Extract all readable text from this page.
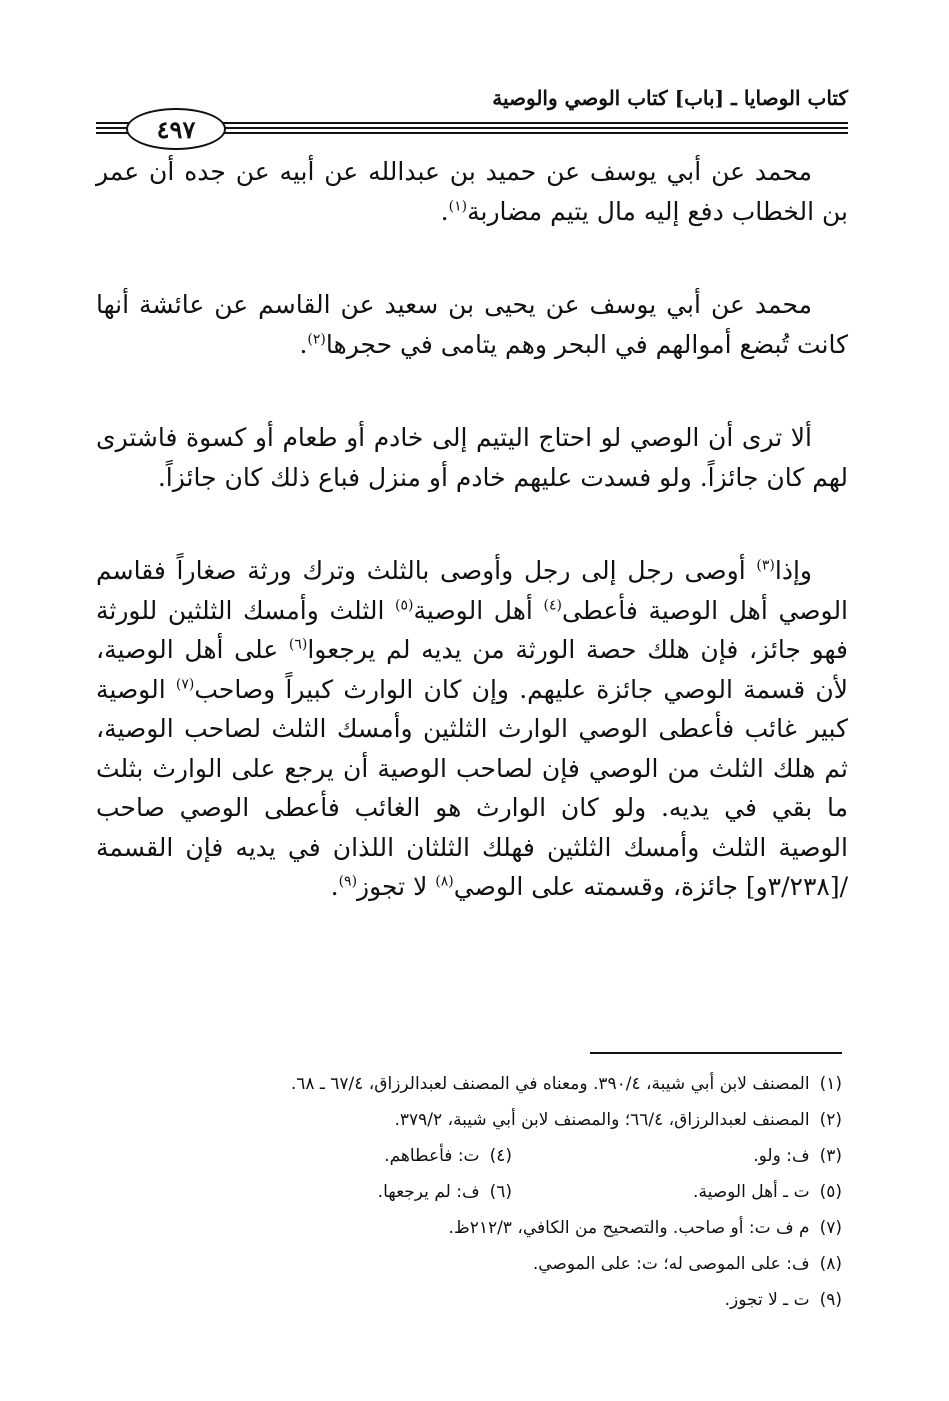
كتاب الوصايا ـ [باب] كتاب الوصي والوصية
٤٩٧

محمد عن أبي يوسف عن حميد بن عبدالله عن أبيه عن جده أن عمر بن الخطاب دفع إليه مال يتيم مضاربة$^{(١)}$.

محمد عن أبي يوسف عن يحيى بن سعيد عن القاسم عن عائشة أنها كانت تُبضع أموالهم في البحر وهم يتامى في حجرها$^{(٢)}$.

ألا ترى أن الوصي لو احتاج اليتيم إلى خادم أو طعام أو كسوة فاشترى لهم كان جائزاً. ولو فسدت عليهم خادم أو منزل فباع ذلك كان جائزاً.

وإذا$^{(٣)}$ أوصى رجل إلى رجل وأوصى بالثلث وترك ورثة صغاراً فقاسم الوصي أهل الوصية فأعطى$^{(٤)}$ أهل الوصية$^{(٥)}$ الثلث وأمسك الثلثين للورثة فهو جائز، فإن هلك حصة الورثة من يديه لم يرجعوا$^{(٦)}$ على أهل الوصية، لأن قسمة الوصي جائزة عليهم. وإن كان الوارث كبيراً وصاحب$^{(٧)}$ الوصية كبير غائب فأعطى الوصي الوارث الثلثين وأمسك الثلث لصاحب الوصية، ثم هلك الثلث من الوصي فإن لصاحب الوصية أن يرجع على الوارث بثلث ما بقي في يديه. ولو كان الوارث هو الغائب فأعطى الوصي صاحب الوصية الثلث وأمسك الثلثين فهلك الثلثان اللذان في يديه فإن القسمة /[٣/٢٣٨و] جائزة، وقسمته على الوصي$^{(٨)}$ لا تجوز$^{(٩)}$.

(١)المصنف لابن أبي شيبة، ٣٩٠/٤. ومعناه في المصنف لعبدالرزاق، ٦٧/٤ ـ ٦٨.
(٢)المصنف لعبدالرزاق، ٦٦/٤؛ والمصنف لابن أبي شيبة، ٣٧٩/٢.
(٣)ف: ولو.
(٤)ت: فأعطاهم.
(٥)ت ـ أهل الوصية.
(٦)ف: لم يرجعها.
(٧)م ف ت: أو صاحب. والتصحيح من الكافي، ٢١٢/٣ظ.
(٨)ف: على الموصى له؛ ت: على الموصي.
(٩)ت ـ لا تجوز.
